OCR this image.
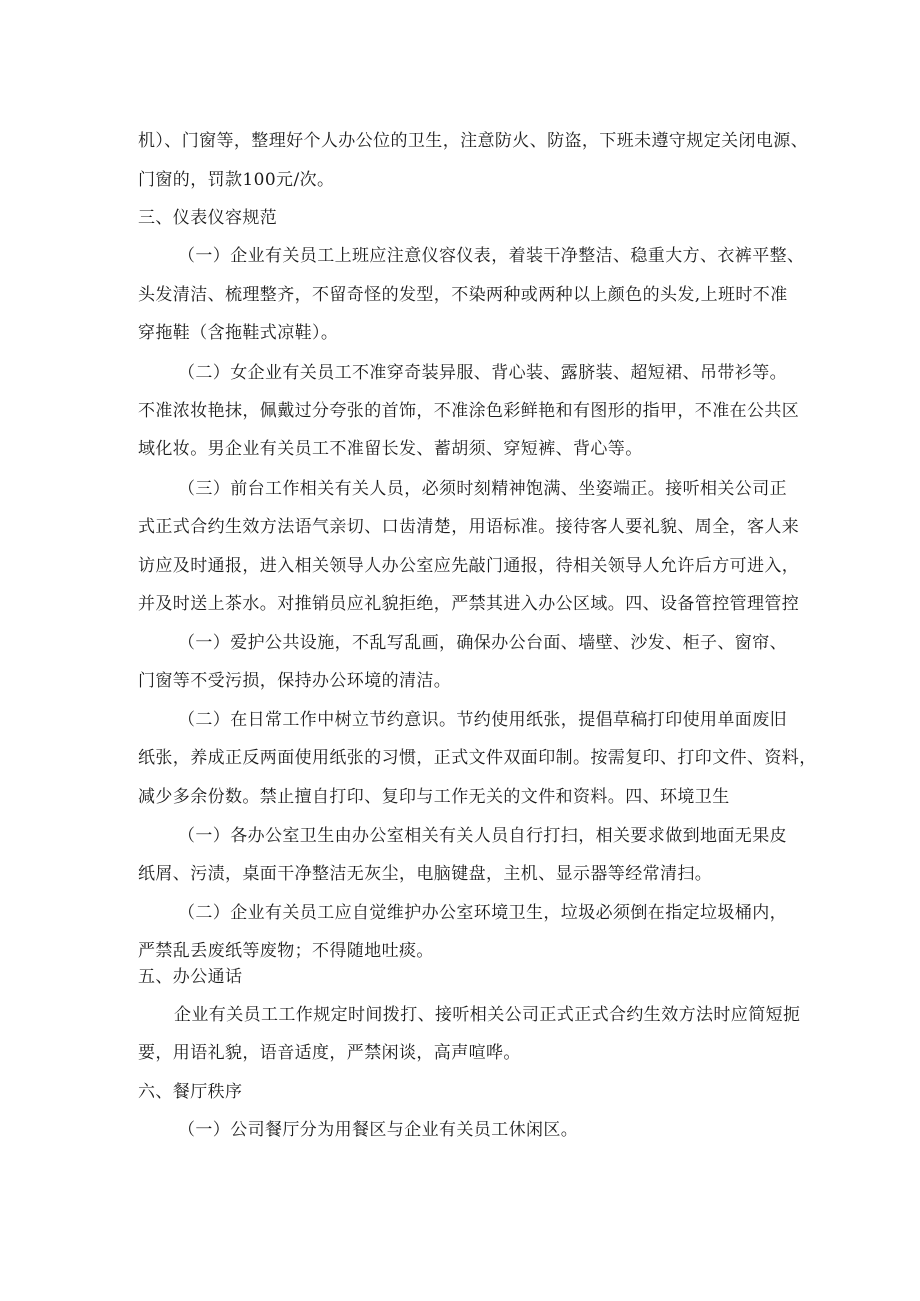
机）、门窗等，整理好个人办公位的卫生，注意防火、防盗，下班未遵守规定关闭电源、
门窗的，罚款100元/次。
三、仪表仪容规范
（一）企业有关员工上班应注意仪容仪表，着装干净整洁、稳重大方、衣裤平整、
头发清洁、梳理整齐，不留奇怪的发型，不染两种或两种以上颜色的头发,上班时不准
穿拖鞋（含拖鞋式凉鞋）。
（二）女企业有关员工不准穿奇装异服、背心装、露脐装、超短裙、吊带衫等。
不准浓妆艳抹，佩戴过分夸张的首饰，不准涂色彩鲜艳和有图形的指甲，不准在公共区
域化妆。男企业有关员工不准留长发、蓄胡须、穿短裤、背心等。
（三）前台工作相关有关人员，必须时刻精神饱满、坐姿端正。接听相关公司正
式正式合约生效方法语气亲切、口齿清楚，用语标准。接待客人要礼貌、周全，客人来
访应及时通报，进入相关领导人办公室应先敲门通报，待相关领导人允许后方可进入，
并及时送上茶水。对推销员应礼貌拒绝，严禁其进入办公区域。四、设备管控管理管控
（一）爱护公共设施，不乱写乱画，确保办公台面、墙壁、沙发、柜子、窗帘、
门窗等不受污损，保持办公环境的清洁。
（二）在日常工作中树立节约意识。节约使用纸张，提倡草稿打印使用单面废旧
纸张，养成正反两面使用纸张的习惯，正式文件双面印制。按需复印、打印文件、资料，
减少多余份数。禁止擅自打印、复印与工作无关的文件和资料。四、环境卫生
（一）各办公室卫生由办公室相关有关人员自行打扫，相关要求做到地面无果皮
纸屑、污渍，桌面干净整洁无灰尘，电脑键盘，主机、显示器等经常清扫。
（二）企业有关员工应自觉维护办公室环境卫生，垃圾必须倒在指定垃圾桶内，
严禁乱丢废纸等废物；不得随地吐痰。
五、办公通话
企业有关员工工作规定时间拨打、接听相关公司正式正式合约生效方法时应简短扼
要，用语礼貌，语音适度，严禁闲谈，高声喧哗。
六、餐厅秩序
（一）公司餐厅分为用餐区与企业有关员工休闲区。
